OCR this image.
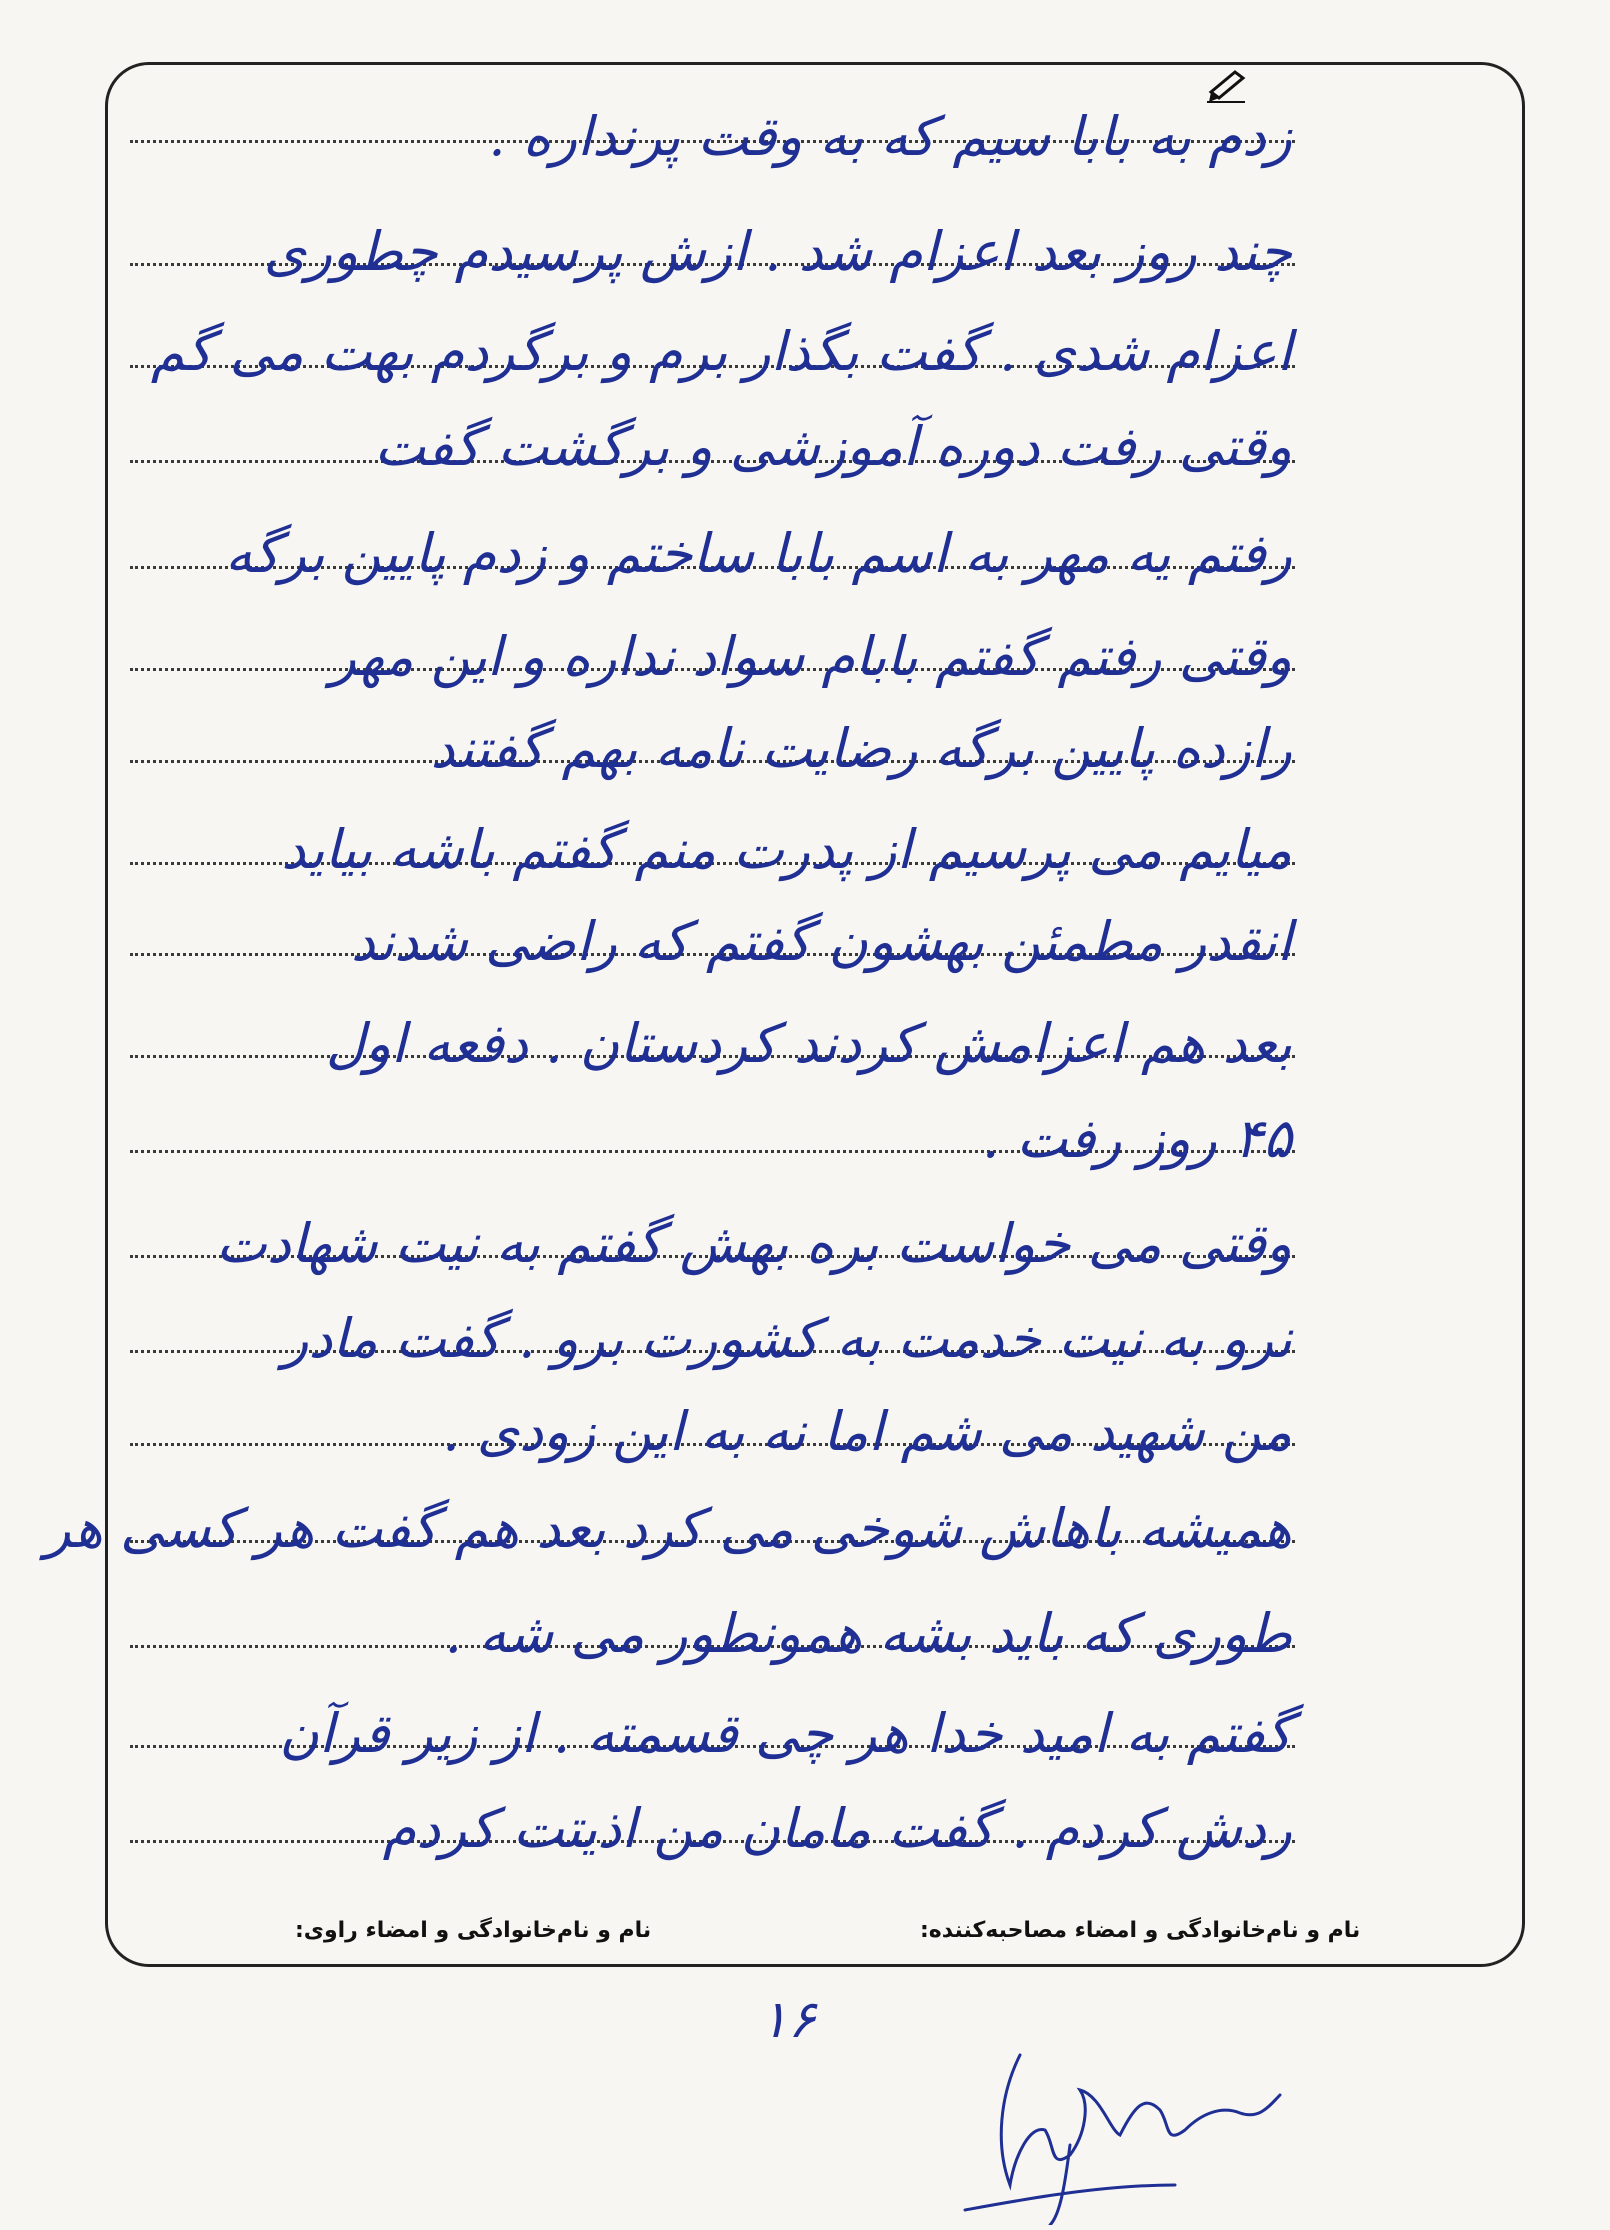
زدم به بابا سیم که به وقت پرنداره .
چند روز بعد اعزام شد . ازش پرسیدم چطوری
اعزام شدی . گفت بگذار برم و برگردم بهت می گم
وقتی رفت دوره آموزشی و برگشت گفت
رفتم یه مهر به اسم بابا ساختم و زدم پایین برگه
وقتی رفتم گفتم بابام سواد نداره و این مهر
رازده پایین برگه رضایت نامه بهم گفتند
میایم می پرسیم از پدرت منم گفتم باشه بیاید
انقدر مطمئن بهشون گفتم که راضی شدند
بعد هم اعزامش کردند کردستان . دفعه اول
۴۵ روز رفت .
وقتی می خواست بره بهش گفتم به نیت شهادت
نرو به نیت خدمت به کشورت برو . گفت مادر
من شهید می شم اما نه به این زودی .
همیشه باهاش شوخی می کرد بعد هم گفت هر کسی هر
طوری که باید بشه همونطور می شه .
گفتم به امید خدا هر چی قسمته . از زیر قرآن
ردش کردم . گفت مامان من اذیتت کردم
نام و نام‌خانوادگی و امضاء مصاحبه‌کننده:
نام و نام‌خانوادگی و امضاء راوی:
۱۶
